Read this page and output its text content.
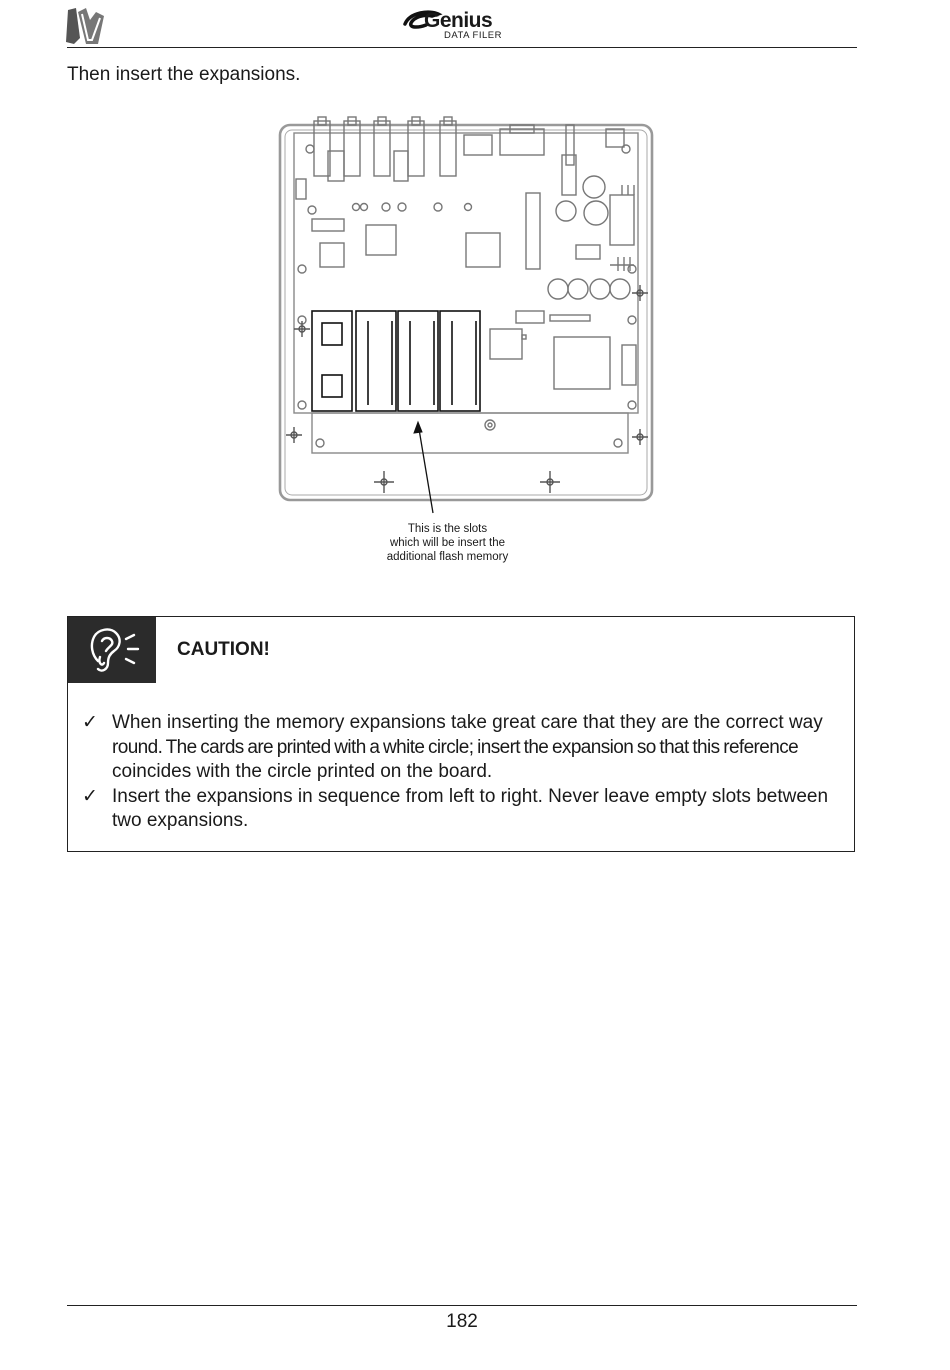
Genius
DATA FILER
Then insert the expansions.
This is the slots
which will be insert the
additional flash memory
CAUTION!
✓ When inserting the memory expansions take great care that they are the correct way
round. The cards are printed with a white circle; insert the expansion so that this reference
coincides with the circle printed on the board.
✓ Insert the expansions in sequence from left to right. Never leave empty slots between
two expansions.
182
